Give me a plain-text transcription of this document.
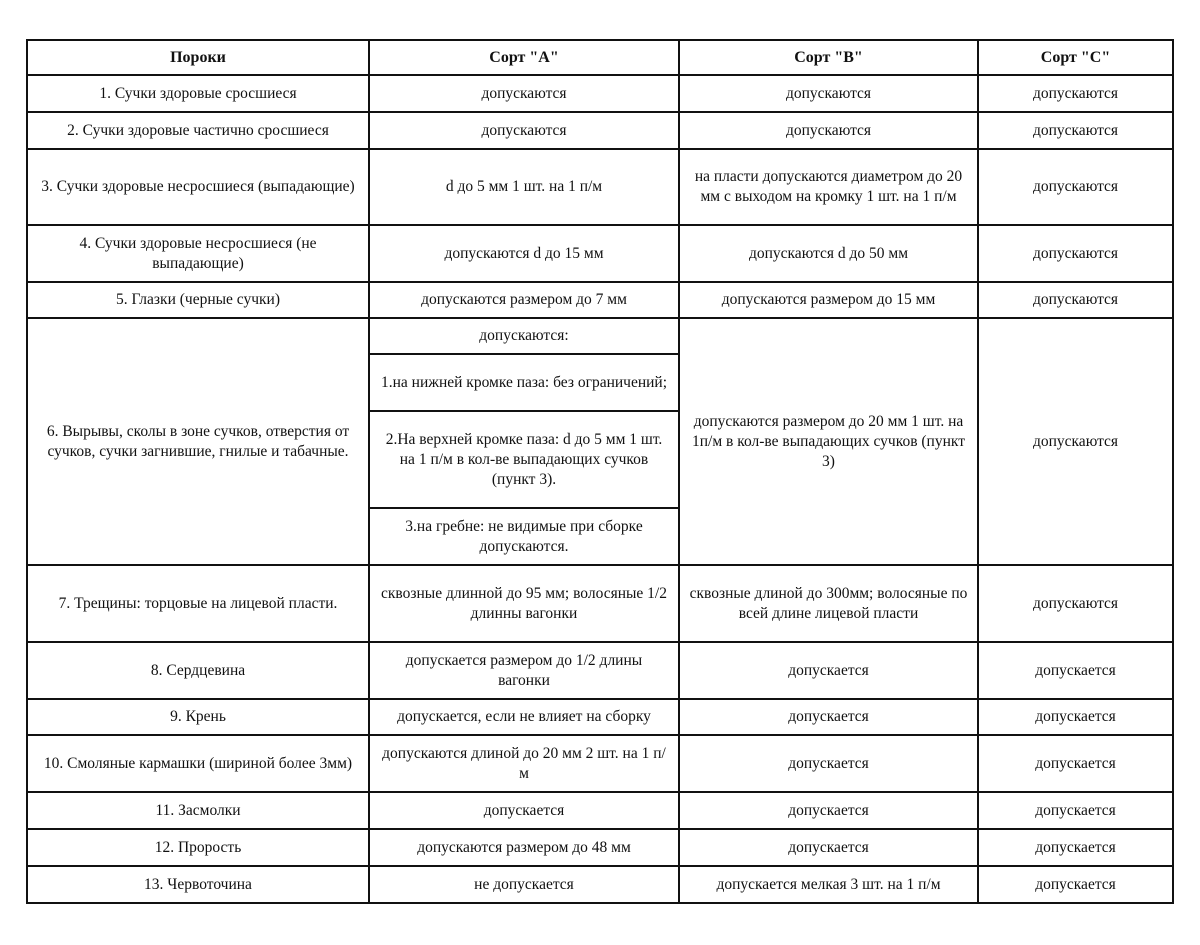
Пороки	Сорт "А"	Сорт "В"	Сорт "С"
1. Сучки здоровые сросшиеся	допускаются	допускаются	допускаются
2. Сучки здоровые частично сросшиеся	допускаются	допускаются	допускаются
3. Сучки здоровые несросшиеся (выпадающие)	d до 5 мм 1 шт. на 1 п/м	на пласти допускаются диаметром до 20 мм с выходом на кромку 1 шт. на 1 п/м	допускаются
4. Сучки здоровые несросшиеся (не выпадающие)	допускаются d до 15 мм	допускаются d до 50 мм	допускаются
5. Глазки (черные сучки)	допускаются размером до 7 мм	допускаются размером до 15 мм	допускаются
6. Вырывы, сколы в зоне сучков, отверстия от сучков, сучки загнившие, гнилые и табачные.	допускаются:	допускаются размером до 20 мм 1 шт. на 1п/м в кол-ве выпадающих сучков (пункт 3)	допускаются
	1.на нижней кромке паза: без ограничений;		
	2.На верхней кромке паза: d до 5 мм 1 шт. на 1 п/м в кол-ве выпадающих сучков (пункт 3).		
	3.на гребне: не видимые при сборке допускаются.		
7. Трещины: торцовые на лицевой пласти.	сквозные длинной до 95 мм; волосяные 1/2 длинны вагонки	сквозные длиной до 300мм; волосяные по всей длине лицевой пласти	допускаются
8. Сердцевина	допускается размером до 1/2 длины вагонки	допускается	допускается
9. Крень	допускается, если не влияет на сборку	допускается	допускается
10. Смоляные кармашки (шириной более 3мм)	допускаются длиной до 20 мм 2 шт. на 1 п/м	допускается	допускается
11. Засмолки	допускается	допускается	допускается
12. Прорость	допускаются размером до 48 мм	допускается	допускается
13. Червоточина	не допускается	допускается мелкая 3 шт. на 1 п/м	допускается
